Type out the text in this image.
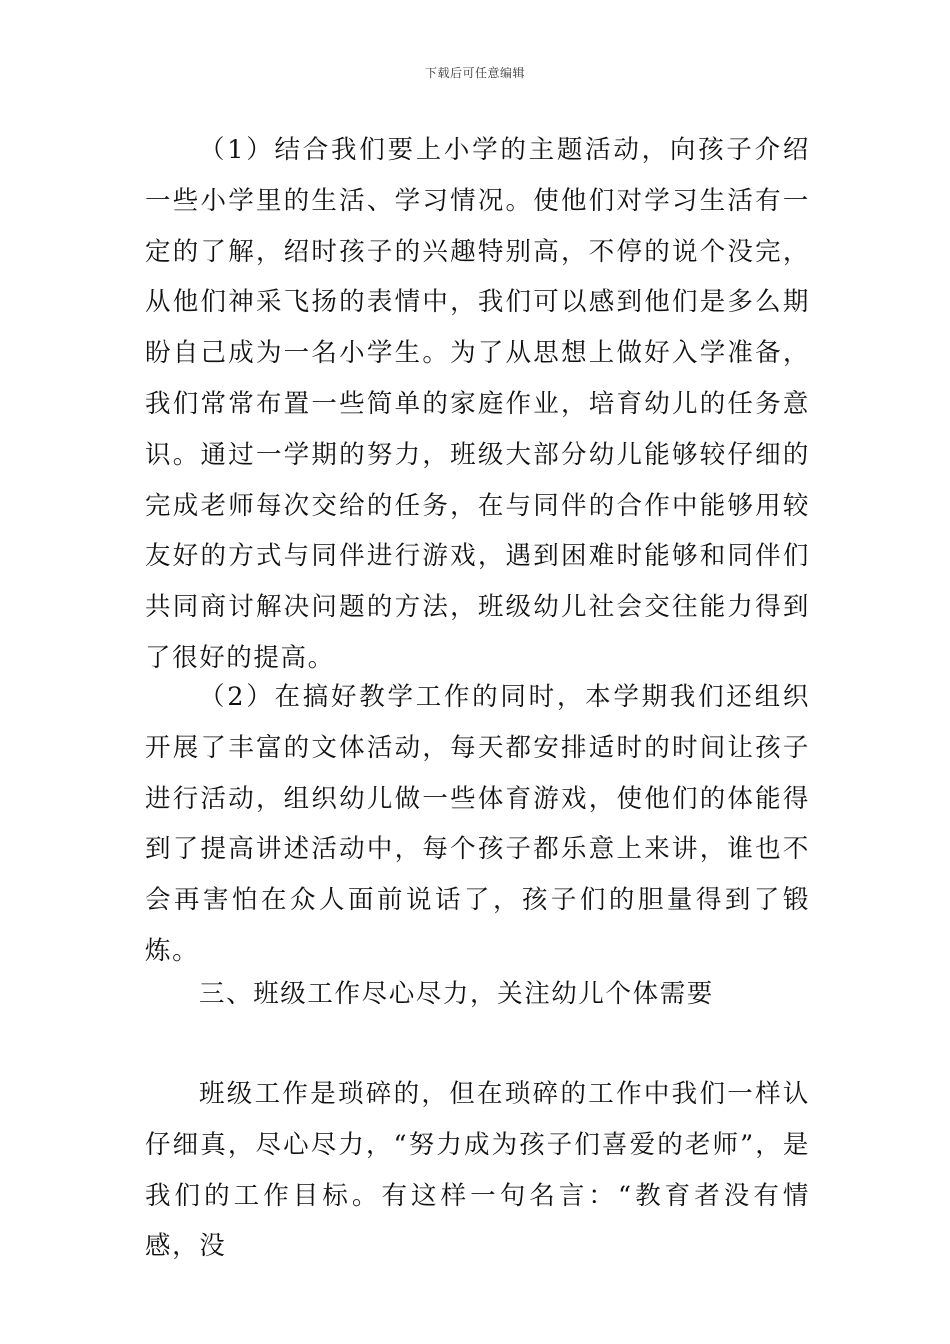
下载后可任意编辑

（1）结合我们要上小学的主题活动，向孩子介绍一些小学里的生活、学习情况。使他们对学习生活有一定的了解，绍时孩子的兴趣特别高，不停的说个没完，从他们神采飞扬的表情中，我们可以感到他们是多么期盼自己成为一名小学生。为了从思想上做好入学准备，我们常常布置一些简单的家庭作业，培育幼儿的任务意识。通过一学期的努力，班级大部分幼儿能够较仔细的完成老师每次交给的任务，在与同伴的合作中能够用较友好的方式与同伴进行游戏，遇到困难时能够和同伴们共同商讨解决问题的方法，班级幼儿社会交往能力得到了很好的提高。

（2）在搞好教学工作的同时，本学期我们还组织开展了丰富的文体活动，每天都安排适时的时间让孩子进行活动，组织幼儿做一些体育游戏，使他们的体能得到了提高讲述活动中，每个孩子都乐意上来讲，谁也不会再害怕在众人面前说话了，孩子们的胆量得到了锻炼。

三、班级工作尽心尽力，关注幼儿个体需要

班级工作是琐碎的，但在琐碎的工作中我们一样认仔细真，尽心尽力，“努力成为孩子们喜爱的老师”，是我们的工作目标。有这样一句名言：“教育者没有情感，没
